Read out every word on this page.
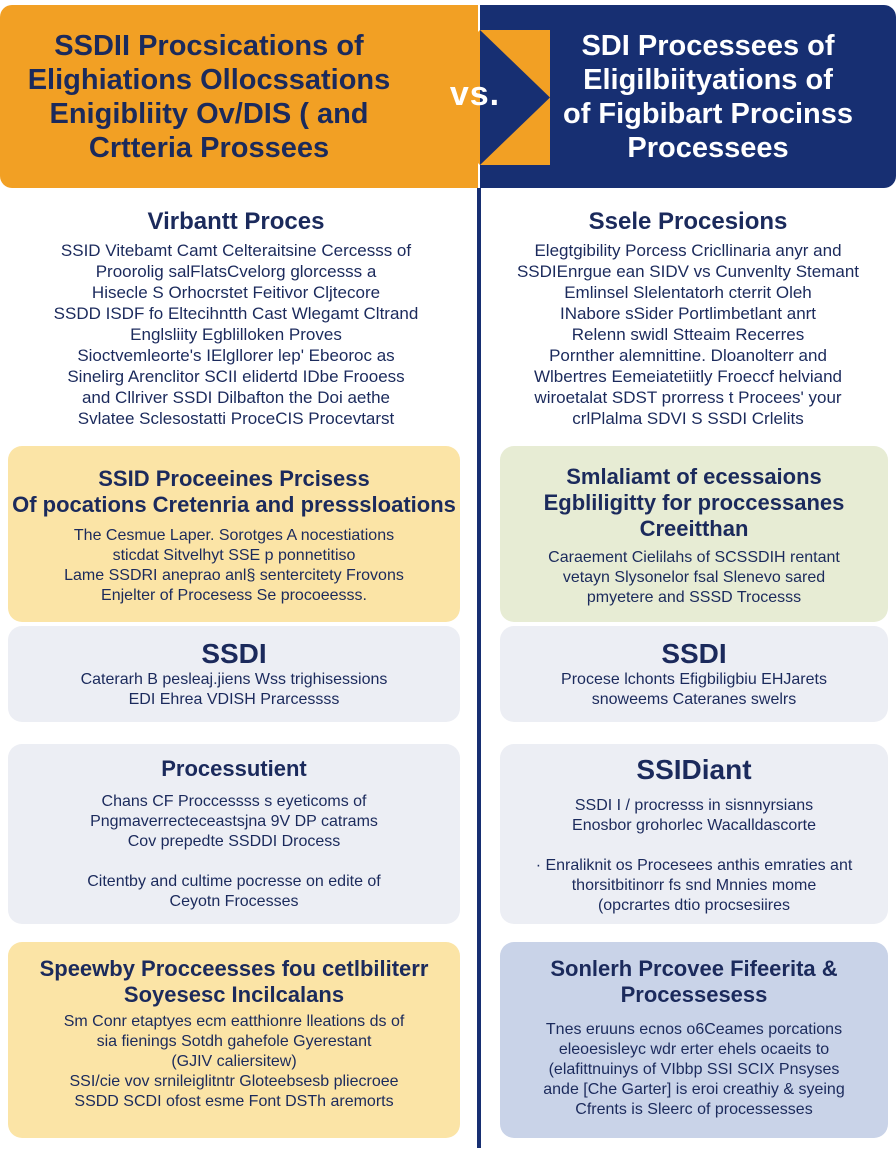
SSDII Procsications of
Elighiations Ollocssations
Enigibliity Ov/DIS ( and
Crtteria Prossees
SDI Processees of
Eligilbiityations of
of Figbibart Procinss
Processees
vs.
Virbantt Proces

SSID Vitebamt Camt Celteraitsine Cercesss of
Proorolig salFlatsCvelorg glorcesss a
Hisecle S Orhocrstet Feitivor Cljtecore
SSDD ISDF fo Eltecihntth Cast Wlegamt Cltrand
Englsliity Egblilloken Proves
Sioctvemleorte's IElgllorer lep' Ebeoroc as
Sinelirg Arenclitor SCII elidertd IDbe Frooess
and Cllriver SSDI Dilbafton the Doi aethe
Svlatee Sclesostatti ProceCIS Procevtarst

SSID Proceeines Prcisess
Of pocations Cretenria and presssloations

The Cesmue Laper. Sorotges A nocestiations
sticdat Sitvelhyt SSE p ponnetitiso
Lame SSDRI aneprao anl§ sentercitety Frovons
Enjelter of Procesess Se procoeesss.

SSDI

Caterarh B pesleaj.jiens Wss trighisessions
EDI Ehrea VDISH Prarcessss

Processutient

Chans CF Proccessss s eyeticoms of
Pngmaverrecteceastsjna 9V DP catrams
Cov prepedte SSDDI Drocess

Citentby and cultime pocresse on edite of
Ceyotn Frocesses

Speewby Procceesses fou cetlbiliterr
Soyesesc Incilcalans

Sm Conr etaptyes ecm eatthionre lleations ds of
sia fienings Sotdh gahefole Gyerestant
(GJIV caliersitew)
SSI/cie vov srnileiglitntr Gloteebsesb pliecroee
SSDD SCDI ofost esme Font DSTh aremorts

Ssele Procesions

Elegtgibility Porcess Cricllinaria anyr and
SSDIEnrgue ean SIDV vs Cunvenlty Stemant
Emlinsel Slelentatorh cterrit Oleh
INabore sSider Portlimbetlant anrt
Relenn swidl Stteaim Recerres
Pornther alemnittine. Dloanolterr and
Wlbertres Eemeiatetiitly Froeccf helviand
wiroetalat SDST prorress t Procees' your
crlPlalma SDVI S SSDI Crlelits

Smlaliamt of ecessaions
Egbliligitty for proccessanes
Creeitthan

Caraement Cielilahs of SCSSDIH rentant
vetayn Slysonelor fsal Slenevo sared
pmyetere and SSSD Trocesss

SSDI

Procese lchonts Efigbiligbiu EHJarets
snoweems Cateranes swelrs

SSIDiant

SSDI I / procresss in sisnnyrsians
Enosbor grohorlec Wacalldascorte

· Enraliknit os Procesees anthis emraties ant
thorsitbitinorr fs snd Mnnies mome
(opcrartes dtio procsesiires

Sonlerh Prcovee Fifeerita &
Processesess

Tnes eruuns ecnos o6Ceames porcations
eleoesisleyc wdr erter ehels ocaeits to
(elafittnuinys of VIbbp SSI SCIX Pnsyses
ande [Che Garter] is eroi creathiy & syeing
Cfrents is Sleerc of processesses
